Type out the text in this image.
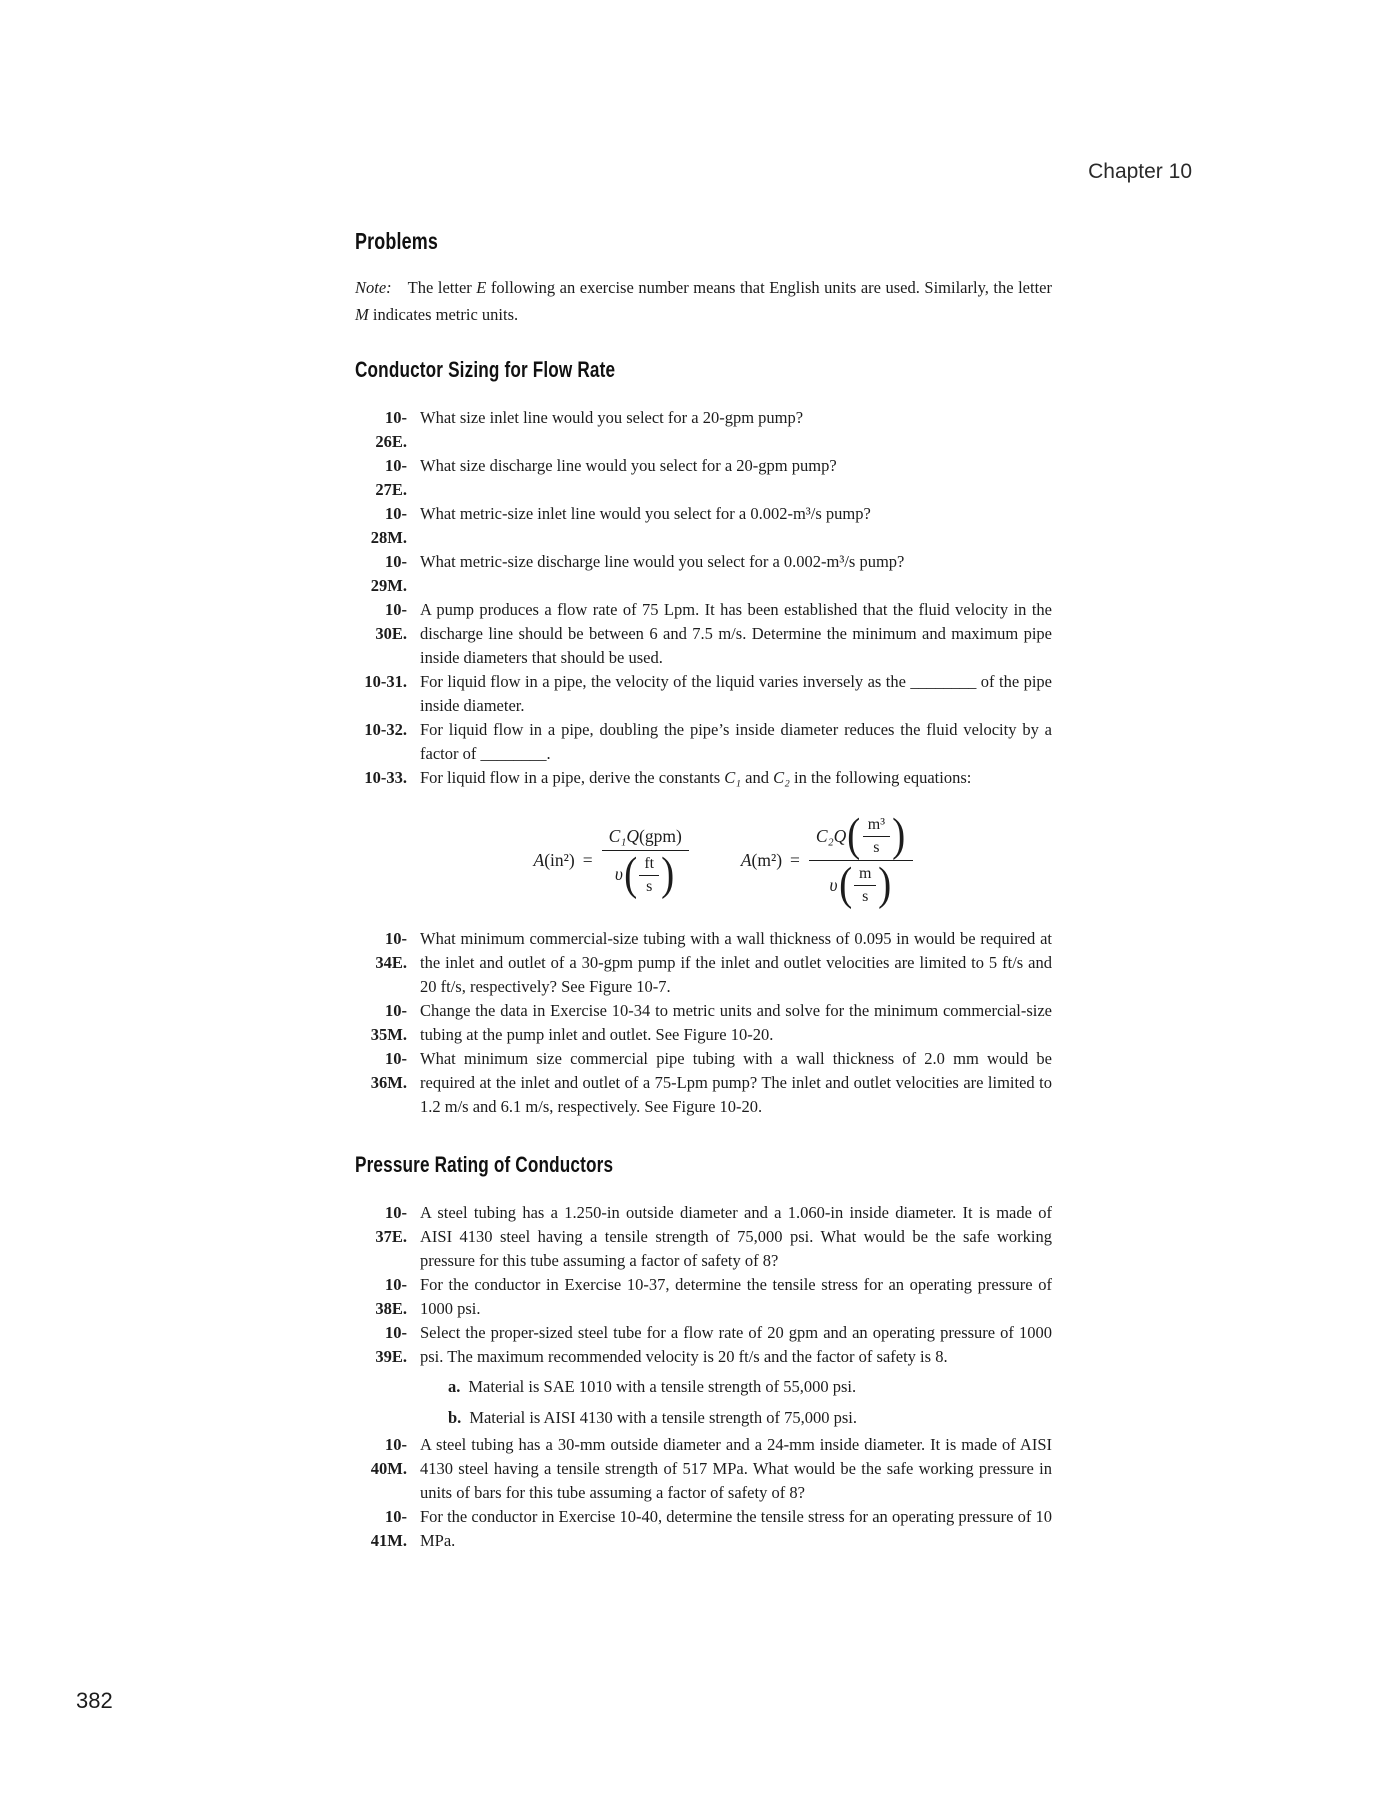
Chapter 10
Problems

Note: The letter E following an exercise number means that English units are used. Similarly, the letter M indicates metric units.

Conductor Sizing for Flow Rate
10-26E.
What size inlet line would you select for a 20-gpm pump?
10-27E.
What size discharge line would you select for a 20-gpm pump?
10-28M.
What metric-size inlet line would you select for a 0.002-m³/s pump?
10-29M.
What metric-size discharge line would you select for a 0.002-m³/s pump?
10-30E.
A pump produces a flow rate of 75 Lpm. It has been established that the fluid velocity in the discharge line should be between 6 and 7.5 m/s. Determine the minimum and maximum pipe inside diameters that should be used.
10-31. For liquid flow in a pipe, the velocity of the liquid varies inversely as the ________ of the pipe inside diameter.
10-32. For liquid flow in a pipe, doubling the pipe’s inside diameter reduces the fluid velocity by a factor of ________.
10-33. For liquid flow in a pipe, derive the constants C₁ and C₂ in the following equations:
A $(in^2) = \frac{\text{C₁Q (gpm)}}{\upsilon ( \frac{ft}{s} )}$	A $(m^2) = \frac{C_2Q ( \frac{\text{m³}}{s} )}{\upsilon ( \frac{m}{s} )}$
10-34E.
What minimum commercial-size tubing with a wall thickness of 0.095 in would be required at the inlet and outlet of a 30-gpm pump if the inlet and outlet velocities are limited to 5 ft/s and 20 ft/s, respectively? See Figure 10-7.
10-35M.
Change the data in Exercise 10-34 to metric units and solve for the minimum commercial-size tubing at the pump inlet and outlet. See Figure 10-20.
10-36M.
What minimum size commercial pipe tubing with a wall thickness of 2.0 mm would be required at the inlet and outlet of a 75-Lpm pump? The inlet and outlet velocities are limited to 1.2 m/s and 6.1 m/s, respectively. See Figure 10-20.
Pressure Rating of Conductors
10-37E.
A steel tubing has a 1.250-in outside diameter and a 1.060-in inside diameter. It is made of AISI 4130 steel having a tensile strength of 75,000 psi. What would be the safe working pressure for this tube assuming a factor of safety of 8?
10-38E.
For the conductor in Exercise 10-37, determine the tensile stress for an operating pressure of 1000 psi.
10-39E.
Select the proper-sized steel tube for a flow rate of 20 gpm and an operating pressure of 1000 psi. The maximum recommended velocity is 20 ft/s and the factor of safety is 8.
a. Material is SAE 1010 with a tensile strength of 55,000 psi.
b. Material is AISI 4130 with a tensile strength of 75,000 psi.
10-40M.
A steel tubing has a 30-mm outside diameter and a 24-mm inside diameter. It is made of AISI 4130 steel having a tensile strength of 517 MPa. What would be the safe working pressure in units of bars for this tube assuming a factor of safety of 8?
10-41M.
For the conductor in Exercise 10-40, determine the tensile stress for an operating pressure of 10 MPa.
382
